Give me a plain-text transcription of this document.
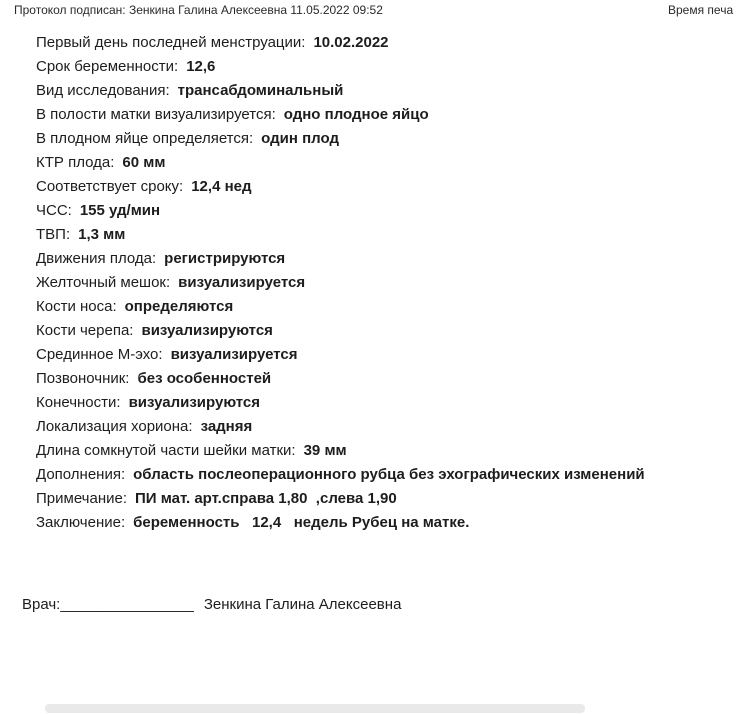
Протокол подписан: Зенкина Галина Алексеевна 11.05.2022 09:52	Время печа
Первый день последней менструации: 10.02.2022
Срок беременности: 12,6
Вид исследования: трансабдоминальный
В полости матки визуализируется: одно плодное яйцо
В плодном яйце определяется: один плод
КТР плода: 60 мм
Соответствует сроку: 12,4 нед
ЧСС: 155 уд/мин
ТВП: 1,3 мм
Движения плода: регистрируются
Желточный мешок: визуализируется
Кости носа: определяются
Кости черепа: визуализируются
Срединное М-эхо: визуализируется
Позвоночник: без особенностей
Конечности: визуализируются
Локализация хориона: задняя
Длина сомкнутой части шейки матки: 39 мм
Дополнения: область послеоперационного рубца без эхографических изменений
Примечание: ПИ мат. арт.справа 1,80  ,слева 1,90
Заключение: беременность   12,4   недель Рубец на матке.
Врач:________________ Зенкина Галина Алексеевна
